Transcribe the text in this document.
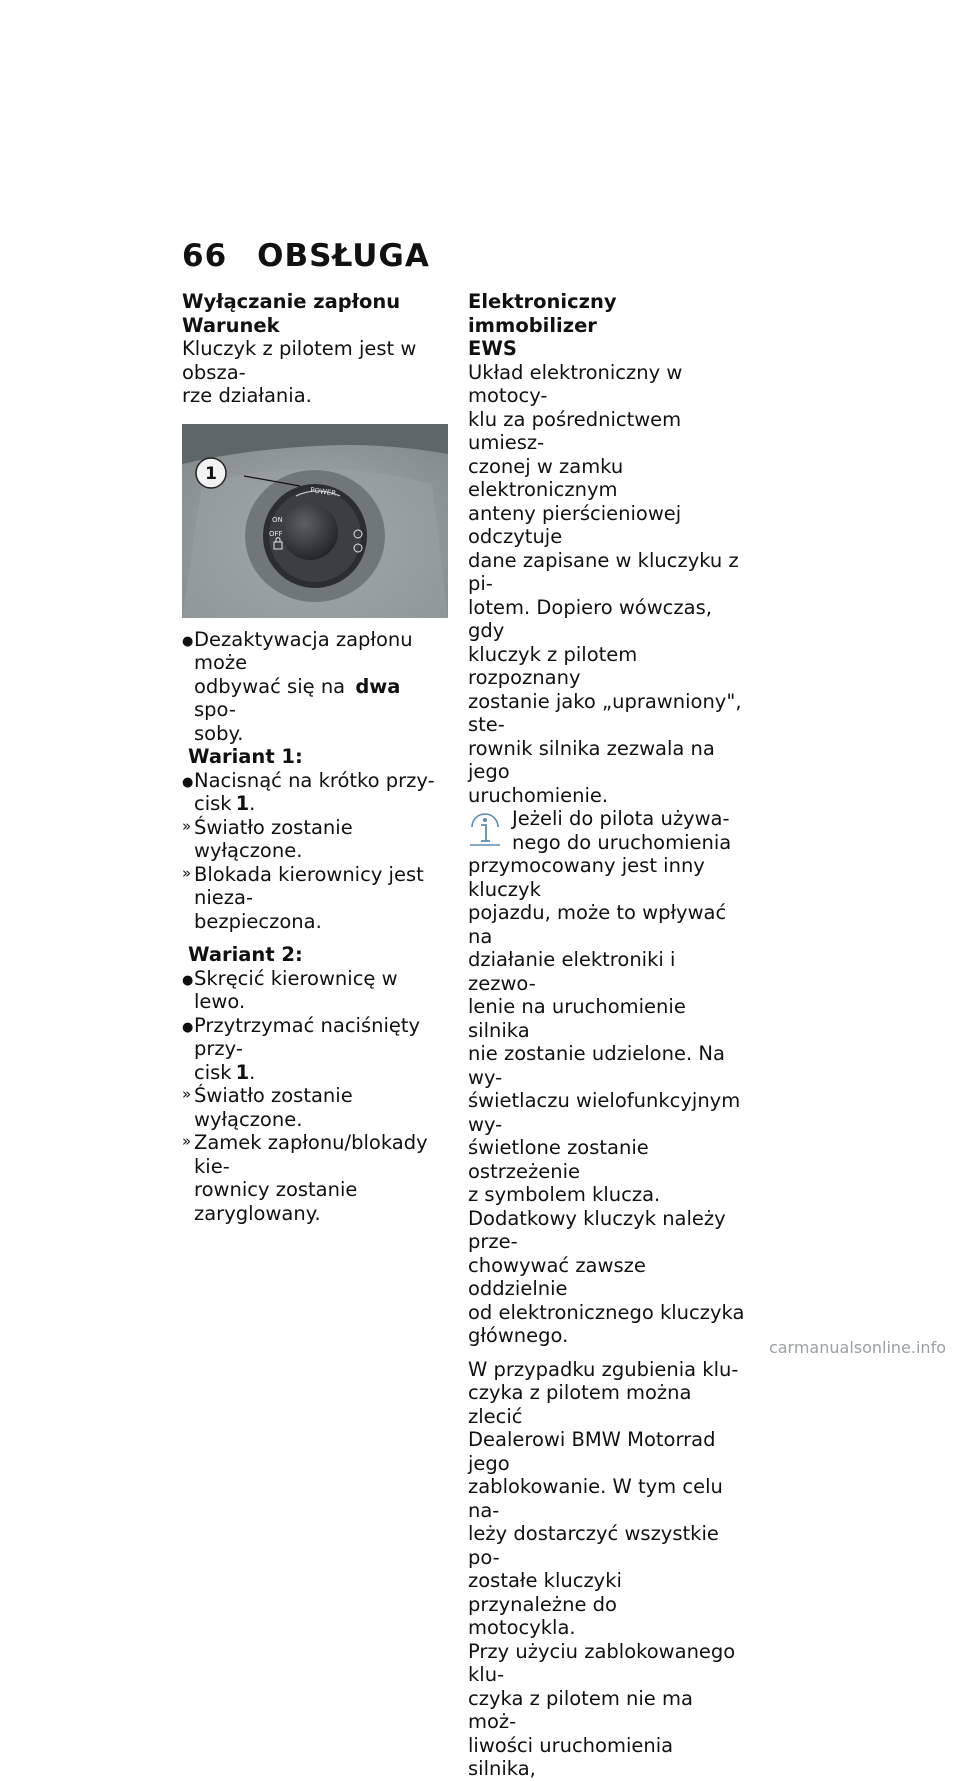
66 OBSŁUGA

Wyłączanie zapłonu

Warunek

Kluczyk z pilotem jest w obsza-

rze działania.

1
POWER
ON
OFF
● Dezaktywacja zapłonu może
odbywać się na dwa spo-
soby.
Wariant 1:
● Nacisnąć na krótko przy-
cisk 1.
» Światło zostanie wyłączone.
» Blokada kierownicy jest nieza-
bezpieczona.
Wariant 2:
● Skręcić kierownicę w lewo.
● Przytrzymać naciśnięty przy-
cisk 1.
» Światło zostanie wyłączone.
» Zamek zapłonu/blokady kie-
rownicy zostanie zaryglowany.

Elektroniczny immobilizer

EWS

Układ elektroniczny w motocy-

klu za pośrednictwem umiesz-

czonej w zamku elektronicznym

anteny pierścieniowej odczytuje

dane zapisane w kluczyku z pi-

lotem. Dopiero wówczas, gdy

kluczyk z pilotem rozpoznany

zostanie jako „uprawniony", ste-

rownik silnika zezwala na jego

uruchomienie.

Jeżeli do pilota używa-

nego do uruchomienia

przymocowany jest inny kluczyk

pojazdu, może to wpływać na

działanie elektroniki i zezwo-

lenie na uruchomienie silnika

nie zostanie udzielone. Na wy-

świetlaczu wielofunkcyjnym wy-

świetlone zostanie ostrzeżenie

z symbolem klucza.

Dodatkowy kluczyk należy prze-

chowywać zawsze oddzielnie

od elektronicznego kluczyka

głównego.

W przypadku zgubienia klu-

czyka z pilotem można zlecić

Dealerowi BMW Motorrad jego

zablokowanie. W tym celu na-

leży dostarczyć wszystkie po-

zostałe kluczyki przynależne do

motocykla.

Przy użyciu zablokowanego klu-

czyka z pilotem nie ma moż-

liwości uruchomienia silnika,

carmanualsonline.info
